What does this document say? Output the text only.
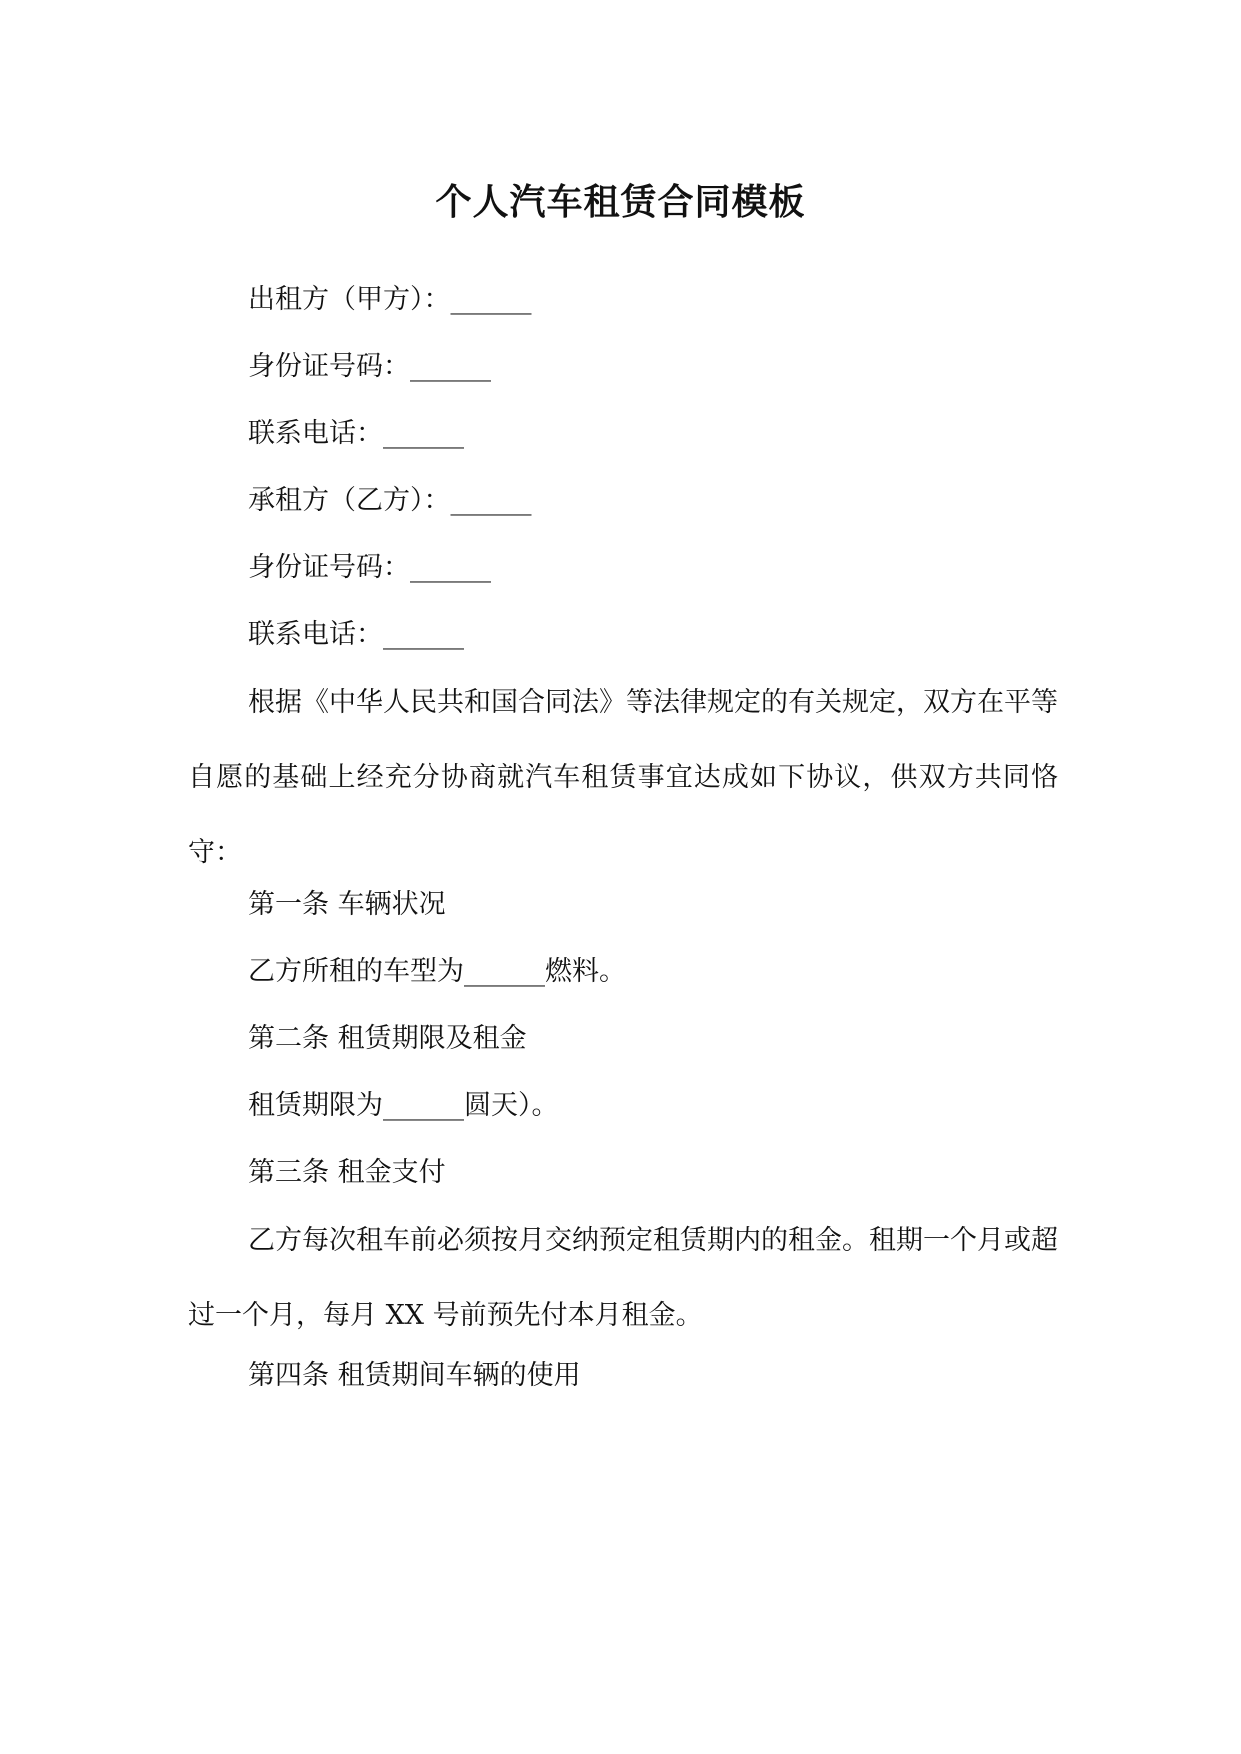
个人汽车租赁合同模板
出租方（甲方）：______
身份证号码：______
联系电话：______
承租方（乙方）：______
身份证号码：______
联系电话：______
根据《中华人民共和国合同法》等法律规定的有关规定，双方在平等自愿的基础上经充分协商就汽车租赁事宜达成如下协议，供双方共同恪守：
第一条 车辆状况
乙方所租的车型为______燃料。
第二条 租赁期限及租金
租赁期限为______圆天）。
第三条 租金支付
乙方每次租车前必须按月交纳预定租赁期内的租金。租期一个月或超过一个月，每月 XX 号前预先付本月租金。
第四条 租赁期间车辆的使用
